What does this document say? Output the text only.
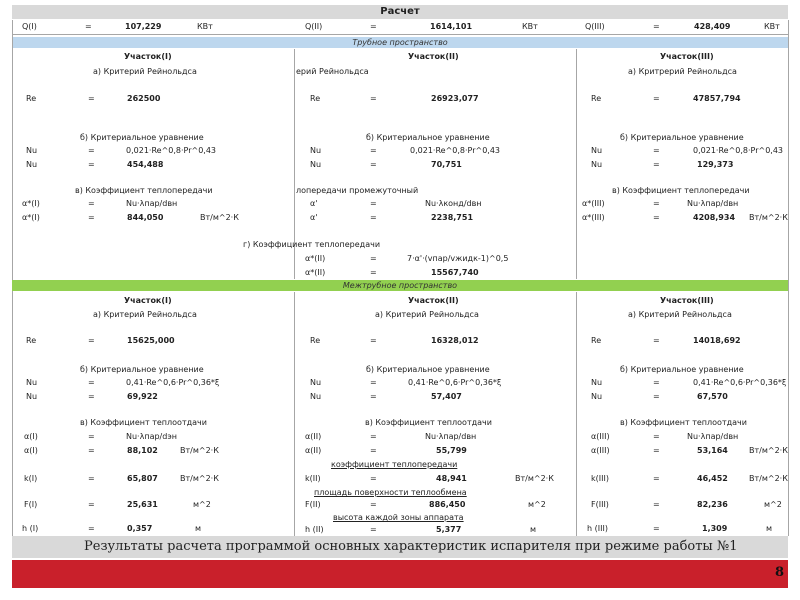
Расчет
Q(I)	=	107,229	КВт	Q(II)	=	1614,101	КВт	Q(III)	=	428,409	КВт
Трубное пространство
Участок(I)
а) Критерий Рейнольдса
Re	=	262500
б) Критериальное уравнение
Nu	=	0,021·Re^0,8·Pr^0,43
Nu	=	454,488
в) Коэффициент теплопередачи
α*(I)	=	Nu·λпар/dвн
α*(I)	=	844,050	Вт/м^2·К
Участок(II)
ерий Рейнольдса
Re	=	26923,077
б) Критериальное уравнение
Nu	=	0,021·Re^0,8·Pr^0,43
Nu	=	70,751
лопередачи промежуточный
α'	=	Nu·λконд/dвн
α'	=	2238,751
Участок(III)
а) Критрерий Рейнольдса
Re	=	47857,794
б) Критериальное уравнение
Nu	=	0,021·Re^0,8·Pr^0,43
Nu	=	129,373
в) Коэффициент теплопередачи
α*(III)	=	Nu·λпар/dвн
α*(III)	=	4208,934 Вт/м^2·К
г) Коэффициент теплопередачи
α*(II)	=	7·α'·(vпар/vжидк-1)^0,5
α*(II)	=	15567,740
Межтрубное пространство
Участок(I)
а) Критерий Рейнольдса
Re	=	15625,000
б) Критериальное уравнение
Nu	=	0,41·Re^0,6·Pr^0,36*ξ
Nu	=	69,922
в) Коэффициент теплоотдачи
α(I)	=	Nu·λпар/dэн
α(I)	=	88,102	Вт/м^2·К
k(I)	=	65,807	Вт/м^2·К
F(I)	=	25,631	м^2
h (I)	=	0,357	м
Участок(II)
а) Критерий Рейнольдса
Re	=	16328,012
б) Критериальное уравнение
Nu	=	0,41·Re^0,6·Pr^0,36*ξ
Nu	=	57,407
в) Коэффициент теплоотдачи
α(II)	=	Nu·λпар/dвн
α(II)	=	55,799
коэффициент теплопередачи
k(II)	=	48,941	Вт/м^2·К
площадь поверхности теплообмена
F(II)	=	886,450	м^2
высота каждой зоны аппарата
h (II)	=	5,377	м
Участок(III)
а) Критерий Рейнольдса
Re	=	14018,692
б) Критериальное уравнение
Nu	=	0,41·Re^0,6·Pr^0,36*ξ
Nu	=	67,570
в) Коэффициент теплоотдачи
α(III)	=	Nu·λпар/dвн
α(III)	=	53,164	Вт/м^2·К
k(III)	=	46,452	Вт/м^2·К
F(III)	=	82,236	м^2
h (III)	=	1,309	м
Результаты расчета программой основных характеристик испарителя при режиме работы №1
8
